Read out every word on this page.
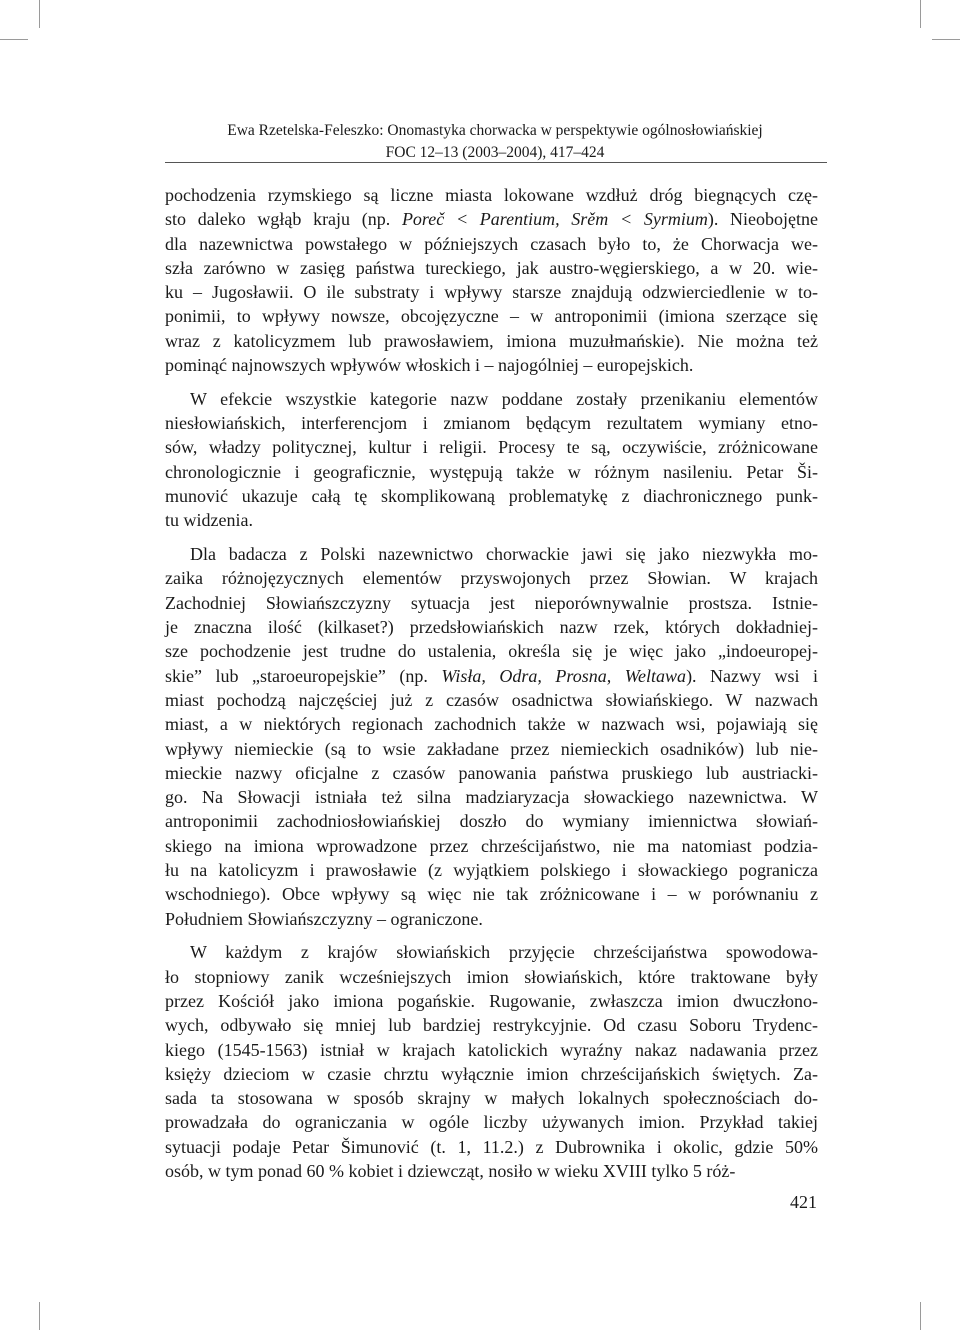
Ewa Rzetelska-Feleszko: Onomastyka chorwacka w perspektywie ogólnosłowiańskiej
FOC 12–13 (2003–2004), 417–424
pochodzenia rzymskiego są liczne miasta lokowane wzdłuż dróg biegnących czę-
sto daleko wgłąb kraju (np. Poreč < Parentium, Srěm < Syrmium). Nieobojętne
dla nazewnictwa powstałego w późniejszych czasach było to, że Chorwacja we-
szła zarówno w zasięg państwa tureckiego, jak austro-węgierskiego, a w 20. wie-
ku – Jugosławii. O ile substraty i wpływy starsze znajdują odzwierciedlenie w to-
ponimii, to wpływy nowsze, obcojęzyczne – w antroponimii (imiona szerzące się
wraz z katolicyzmem lub prawosławiem, imiona muzułmańskie). Nie można też
pominąć najnowszych wpływów włoskich i – najogólniej – europejskich.
W efekcie wszystkie kategorie nazw poddane zostały przenikaniu elementów
niesłowiańskich, interferencjom i zmianom będącym rezultatem wymiany etno-
sów, władzy politycznej, kultur i religii. Procesy te są, oczywiście, zróżnicowane
chronologicznie i geograficznie, występują także w różnym nasileniu. Petar Ši-
munović ukazuje całą tę skomplikowaną problematykę z diachronicznego punk-
tu widzenia.
Dla badacza z Polski nazewnictwo chorwackie jawi się jako niezwykła mo-
zaika różnojęzycznych elementów przyswojonych przez Słowian. W krajach
Zachodniej Słowiańszczyzny sytuacja jest nieporównywalnie prostsza. Istnie-
je znaczna ilość (kilkaset?) przedsłowiańskich nazw rzek, których dokładniej-
sze pochodzenie jest trudne do ustalenia, określa się je więc jako „indoeuropej-
skie” lub „staroeuropejskie” (np. Wisła, Odra, Prosna, Weltawa). Nazwy wsi i
miast pochodzą najczęściej już z czasów osadnictwa słowiańskiego. W nazwach
miast, a w niektórych regionach zachodnich także w nazwach wsi, pojawiają się
wpływy niemieckie (są to wsie zakładane przez niemieckich osadników) lub nie-
mieckie nazwy oficjalne z czasów panowania państwa pruskiego lub austriacki-
go. Na Słowacji istniała też silna madziaryzacja słowackiego nazewnictwa. W
antroponimii zachodniosłowiańskiej doszło do wymiany imiennictwa słowiań-
skiego na imiona wprowadzone przez chrześcijaństwo, nie ma natomiast podzia-
łu na katolicyzm i prawosławie (z wyjątkiem polskiego i słowackiego pogranicza
wschodniego). Obce wpływy są więc nie tak zróżnicowane i – w porównaniu z
Południem Słowiańszczyzny – ograniczone.
W każdym z krajów słowiańskich przyjęcie chrześcijaństwa spowodowa-
ło stopniowy zanik wcześniejszych imion słowiańskich, które traktowane były
przez Kościół jako imiona pogańskie. Rugowanie, zwłaszcza imion dwuczłono-
wych, odbywało się mniej lub bardziej restrykcyjnie. Od czasu Soboru Trydenc-
kiego (1545-1563) istniał w krajach katolickich wyraźny nakaz nadawania przez
księży dzieciom w czasie chrztu wyłącznie imion chrześcijańskich świętych. Za-
sada ta stosowana w sposób skrajny w małych lokalnych społecznościach do-
prowadzała do ograniczania w ogóle liczby używanych imion. Przykład takiej
sytuacji podaje Petar Šimunović (t. 1, 11.2.) z Dubrownika i okolic, gdzie 50%
osób, w tym ponad 60 % kobiet i dziewcząt, nosiło w wieku XVIII tylko 5 róż-
421
